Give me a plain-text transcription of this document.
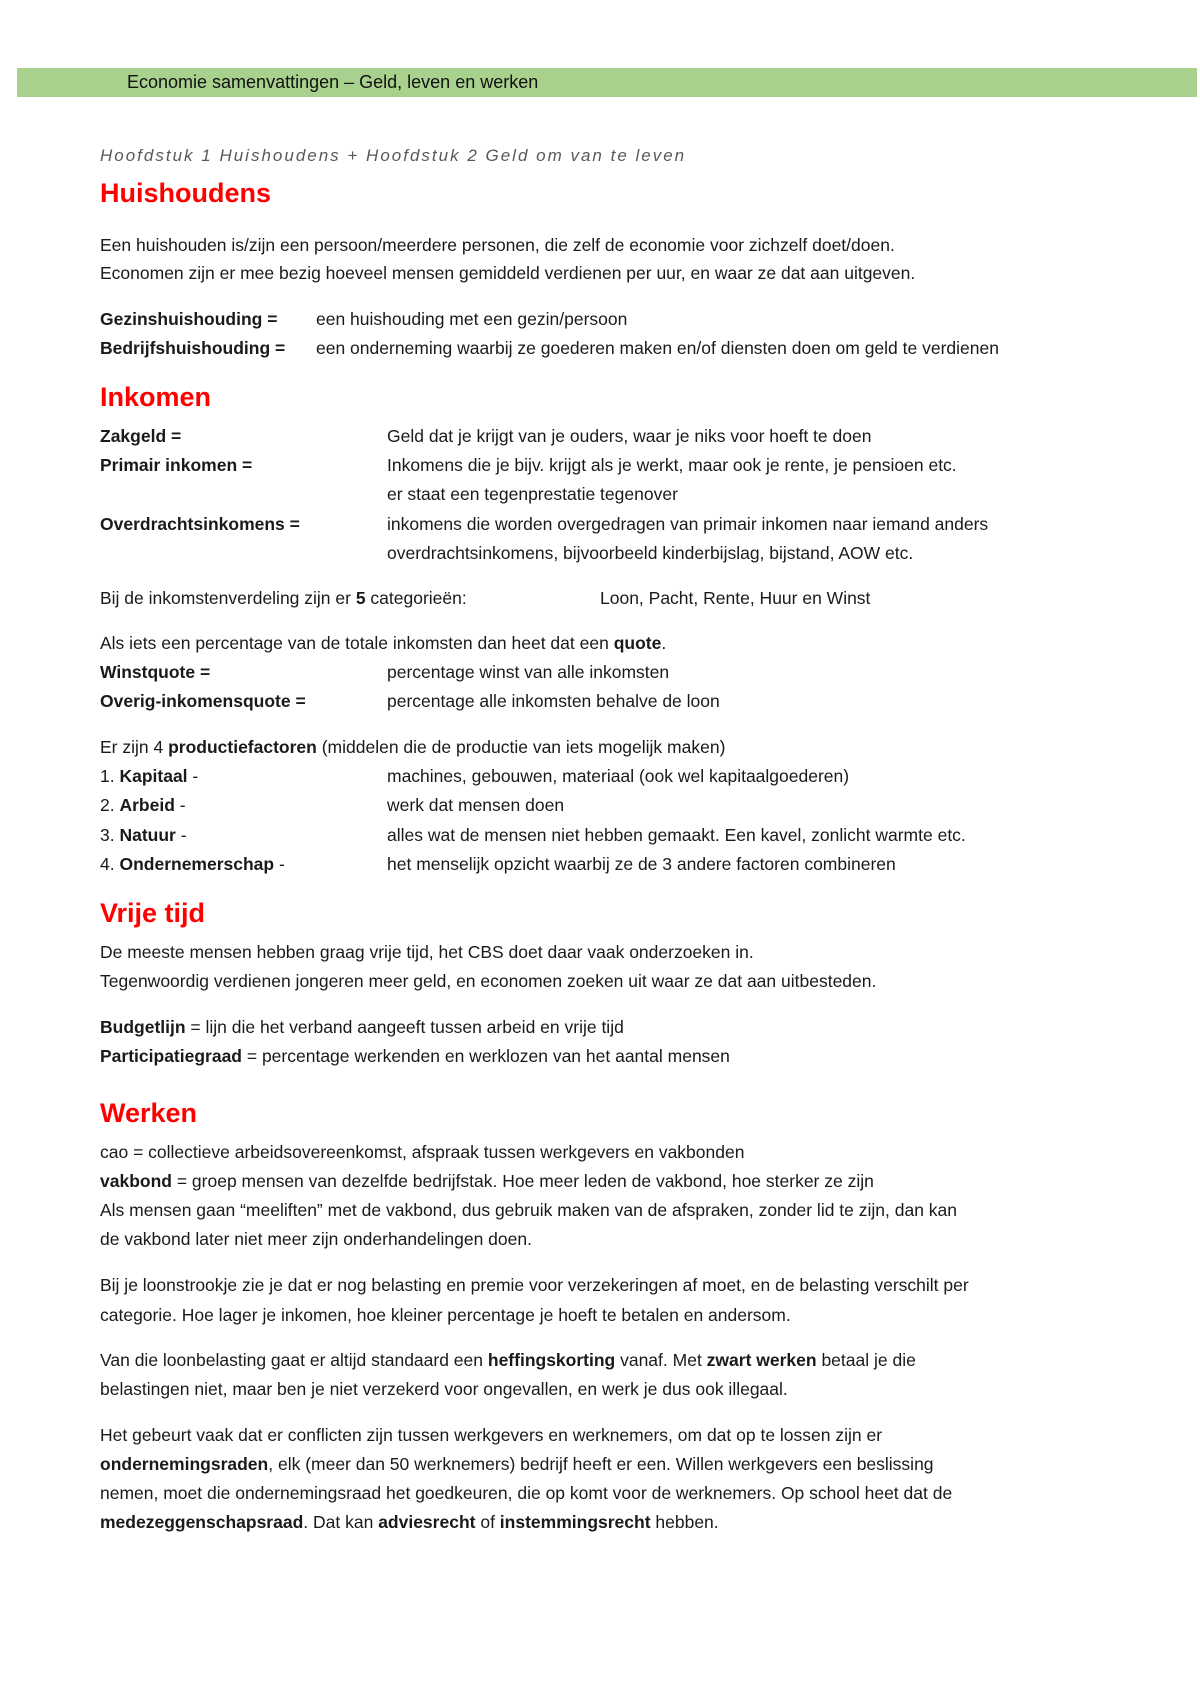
Economie samenvattingen – Geld, leven en werken
Hoofdstuk 1 Huishoudens + Hoofdstuk 2 Geld om van te leven
Huishoudens
Een huishouden is/zijn een persoon/meerdere personen, die zelf de economie voor zichzelf doet/doen.
Economen zijn er mee bezig hoeveel mensen gemiddeld verdienen per uur, en waar ze dat aan uitgeven.
Gezinshuishouding = een huishouding met een gezin/persoon
Bedrijfshuishouding = een onderneming waarbij ze goederen maken en/of diensten doen om geld te verdienen
Inkomen
Zakgeld =	Geld dat je krijgt van je ouders, waar je niks voor hoeft te doen
Primair inkomen =	Inkomens die je bijv. krijgt als je werkt, maar ook je rente, je pensioen etc.
er staat een tegenprestatie tegenover
Overdrachtsinkomens =	inkomens die worden overgedragen van primair inkomen naar iemand anders
overdrachtsinkomens, bijvoorbeeld kinderbijslag, bijstand, AOW etc.
Bij de inkomstenverdeling zijn er 5 categorieën:	Loon, Pacht, Rente, Huur en Winst
Als iets een percentage van de totale inkomsten dan heet dat een quote.
Winstquote =	percentage winst van alle inkomsten
Overig-inkomensquote =	percentage alle inkomsten behalve de loon
Er zijn 4 productiefactoren (middelen die de productie van iets mogelijk maken)
1. Kapitaal -	machines, gebouwen, materiaal (ook wel kapitaalgoederen)
2. Arbeid -	werk dat mensen doen
3. Natuur -	alles wat de mensen niet hebben gemaakt. Een kavel, zonlicht warmte etc.
4. Ondernemerschap -	het menselijk opzicht waarbij ze de 3 andere factoren combineren
Vrije tijd
De meeste mensen hebben graag vrije tijd, het CBS doet daar vaak onderzoeken in.
Tegenwoordig verdienen jongeren meer geld, en economen zoeken uit waar ze dat aan uitbesteden.
Budgetlijn = lijn die het verband aangeeft tussen arbeid en vrije tijd
Participatiegraad = percentage werkenden en werklozen van het aantal mensen
Werken
cao = collectieve arbeidsovereenkomst, afspraak tussen werkgevers en vakbonden
vakbond = groep mensen van dezelfde bedrijfstak. Hoe meer leden de vakbond, hoe sterker ze zijn
Als mensen gaan “meeliften” met de vakbond, dus gebruik maken van de afspraken, zonder lid te zijn, dan kan
de vakbond later niet meer zijn onderhandelingen doen.
Bij je loonstrookje zie je dat er nog belasting en premie voor verzekeringen af moet, en de belasting verschilt per
categorie. Hoe lager je inkomen, hoe kleiner percentage je hoeft te betalen en andersom.
Van die loonbelasting gaat er altijd standaard een heffingskorting vanaf. Met zwart werken betaal je die
belastingen niet, maar ben je niet verzekerd voor ongevallen, en werk je dus ook illegaal.
Het gebeurt vaak dat er conflicten zijn tussen werkgevers en werknemers, om dat op te lossen zijn er
ondernemingsraden, elk (meer dan 50 werknemers) bedrijf heeft er een. Willen werkgevers een beslissing
nemen, moet die ondernemingsraad het goedkeuren, die op komt voor de werknemers. Op school heet dat de
medezeggenschapsraad. Dat kan adviesrecht of instemmingsrecht hebben.
